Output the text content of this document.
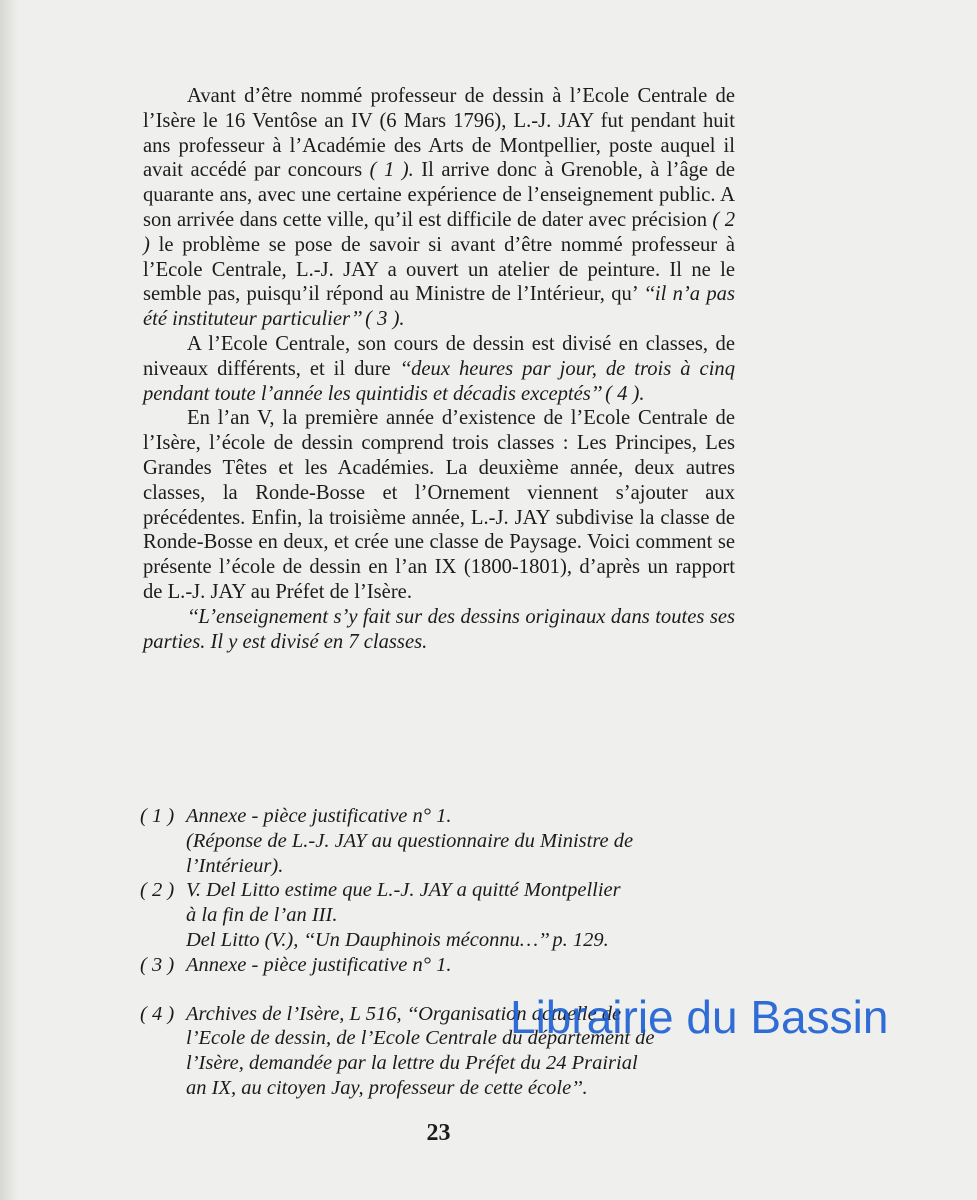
Avant d’être nommé professeur de dessin à l’Ecole Centrale de l’Isère le 16 Ventôse an IV (6 Mars 1796), L.-J. JAY fut pendant huit ans professeur à l’Académie des Arts de Montpellier, poste auquel il avait accédé par concours ( 1 ). Il arrive donc à Grenoble, à l’âge de quarante ans, avec une certaine expérience de l’enseignement public. A son arrivée dans cette ville, qu’il est difficile de dater avec précision ( 2 ) le problème se pose de savoir si avant d’être nommé professeur à l’Ecole Centrale, L.-J. JAY a ouvert un atelier de peinture. Il ne le semble pas, puisqu’il répond au Ministre de l’Intérieur, qu’ ‘‘il n’a pas été instituteur particulier’’ ( 3 ).

A l’Ecole Centrale, son cours de dessin est divisé en classes, de niveaux différents, et il dure ‘‘deux heures par jour, de trois à cinq pendant toute l’année les quintidis et décadis exceptés’’ ( 4 ).

En l’an V, la première année d’existence de l’Ecole Centrale de l’Isère, l’école de dessin comprend trois classes : Les Principes, Les Grandes Têtes et les Académies. La deuxième année, deux autres classes, la Ronde-Bosse et l’Ornement viennent s’ajouter aux précédentes. Enfin, la troisième année, L.-J. JAY subdivise la classe de Ronde-Bosse en deux, et crée une classe de Paysage. Voici comment se présente l’école de dessin en l’an IX (1800-1801), d’après un rapport de L.-J. JAY au Préfet de l’Isère.

‘‘L’enseignement s’y fait sur des dessins originaux dans toutes ses parties. Il y est divisé en 7 classes.

( 1 ) Annexe - pièce justificative n° 1.
(Réponse de L.-J. JAY au questionnaire du Ministre de
l’Intérieur).
( 2 ) V. Del Litto estime que L.-J. JAY a quitté Montpellier
à la fin de l’an III.
Del Litto (V.), ‘‘Un Dauphinois méconnu…’’ p. 129.
( 3 ) Annexe - pièce justificative n° 1.
( 4 ) Archives de l’Isère, L 516, ‘‘Organisation actuelle de
l’Ecole de dessin, de l’Ecole Centrale du département de
l’Isère, demandée par la lettre du Préfet du 24 Prairial
an IX, au citoyen Jay, professeur de cette école’’.
23
Librairie du Bassin
